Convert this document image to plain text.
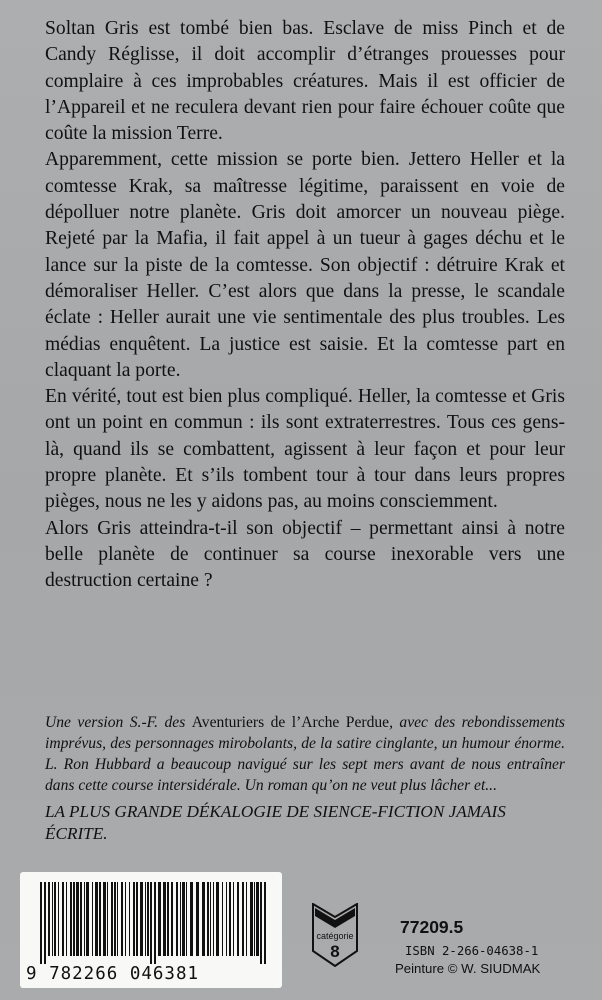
Soltan Gris est tombé bien bas. Esclave de miss Pinch et de Candy Réglisse, il doit accomplir d’étranges prouesses pour complaire à ces improbables créatures. Mais il est officier de l’Appareil et ne reculera devant rien pour faire échouer coûte que coûte la mission Terre.

Apparemment, cette mission se porte bien. Jettero Heller et la comtesse Krak, sa maîtresse légitime, paraissent en voie de dépolluer notre planète. Gris doit amorcer un nouveau piège. Rejeté par la Mafia, il fait appel à un tueur à gages déchu et le lance sur la piste de la comtesse. Son objectif : détruire Krak et démoraliser Heller. C’est alors que dans la presse, le scandale éclate : Heller aurait une vie sentimentale des plus troubles. Les médias enquêtent. La justice est saisie. Et la comtesse part en claquant la porte.

En vérité, tout est bien plus compliqué. Heller, la comtesse et Gris ont un point en commun : ils sont extraterrestres. Tous ces gens-là, quand ils se combattent, agissent à leur façon et pour leur propre planète. Et s’ils tombent tour à tour dans leurs propres pièges, nous ne les y aidons pas, au moins consciemment.

Alors Gris atteindra-t-il son objectif – permettant ainsi à notre belle planète de continuer sa course inexorable vers une destruction certaine ?

Une version S.-F. des Aventuriers de l’Arche Perdue, avec des rebondissements imprévus, des personnages mirobolants, de la satire cinglante, un humour énorme. L. Ron Hubbard a beaucoup navigué sur les sept mers avant de nous entraîner dans cette course intersidérale. Un roman qu’on ne veut plus lâcher et...

LA PLUS GRANDE DÉKALOGIE DE SIENCE-FICTION JAMAIS ÉCRITE.

9 782266 046381
catégorie
8
77209.5
ISBN 2-266-04638-1
Peinture © W. SIUDMAK
